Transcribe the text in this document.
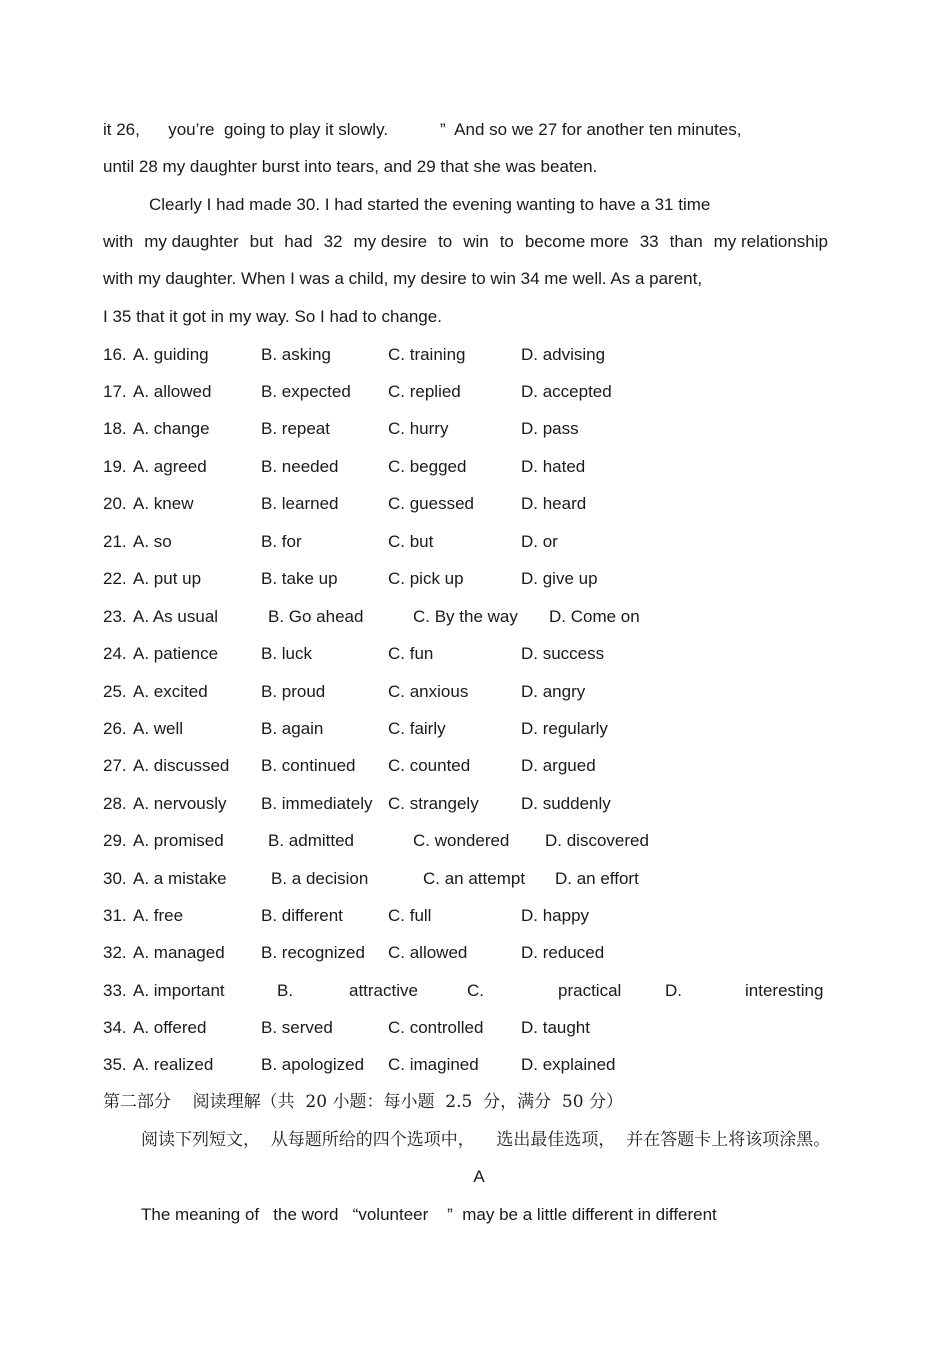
it 26,      you’re  going to play it slowly.           ”  And so we 27 for another ten minutes,
until 28 my daughter burst into tears, and 29 that she was beaten.
Clearly I had made 30. I had started the evening wanting to have a 31 time
with my daughter but had 32 my desire to win to become more 33 than my relationship
with my daughter. When I was a child, my desire to win 34 me well. As a parent,
I 35 that it got in my way. So I had to change.
16. A. guiding	B. asking	C. training	D. advising
17. A. allowed	B. expected C. replied	D. accepted
18. A. change	B. repeat	C. hurry	D. pass
19. A. agreed	B. needed	C. begged	D. hated
20. A. knew	B. learned	C. guessed	D. heard
21. A. so	B. for	C. but	D. or
22. A. put up	B. take up	C. pick up	D. give up
23. A. As usual	B. Go ahead	C. By the way D. Come on
24. A. patience	B. luck	C. fun	D. success
25. A. excited	B. proud	C. anxious	D. angry
26. A. well	B. again	C. fairly	D. regularly
27. A. discussed B. continued C. counted	D. argued
28. A. nervously B. immediately C. strangely D. suddenly
29. A. promised	B. admitted	C. wondered D. discovered
30. A. a mistake	B. a decision	C. an attempt D. an effort
31. A. free	B. different	C. full	D. happy
32. A. managed B. recognized C. allowed	D. reduced
33. A. important	B.	attractive	C.	practical	D.	interesting
34. A. offered	B. served	C. controlled D. taught
35. A. realized	B. apologized C. imagined D. explained
第二部分    阅读理解（共  20 小题：每小题  2.5  分，满分  50 分）
阅读下列短文，  从每题所给的四个选项中，    选出最佳选项，  并在答题卡上将该项涂黑。
A
The meaning of   the word   “volunteer    ”  may be a little different in different
